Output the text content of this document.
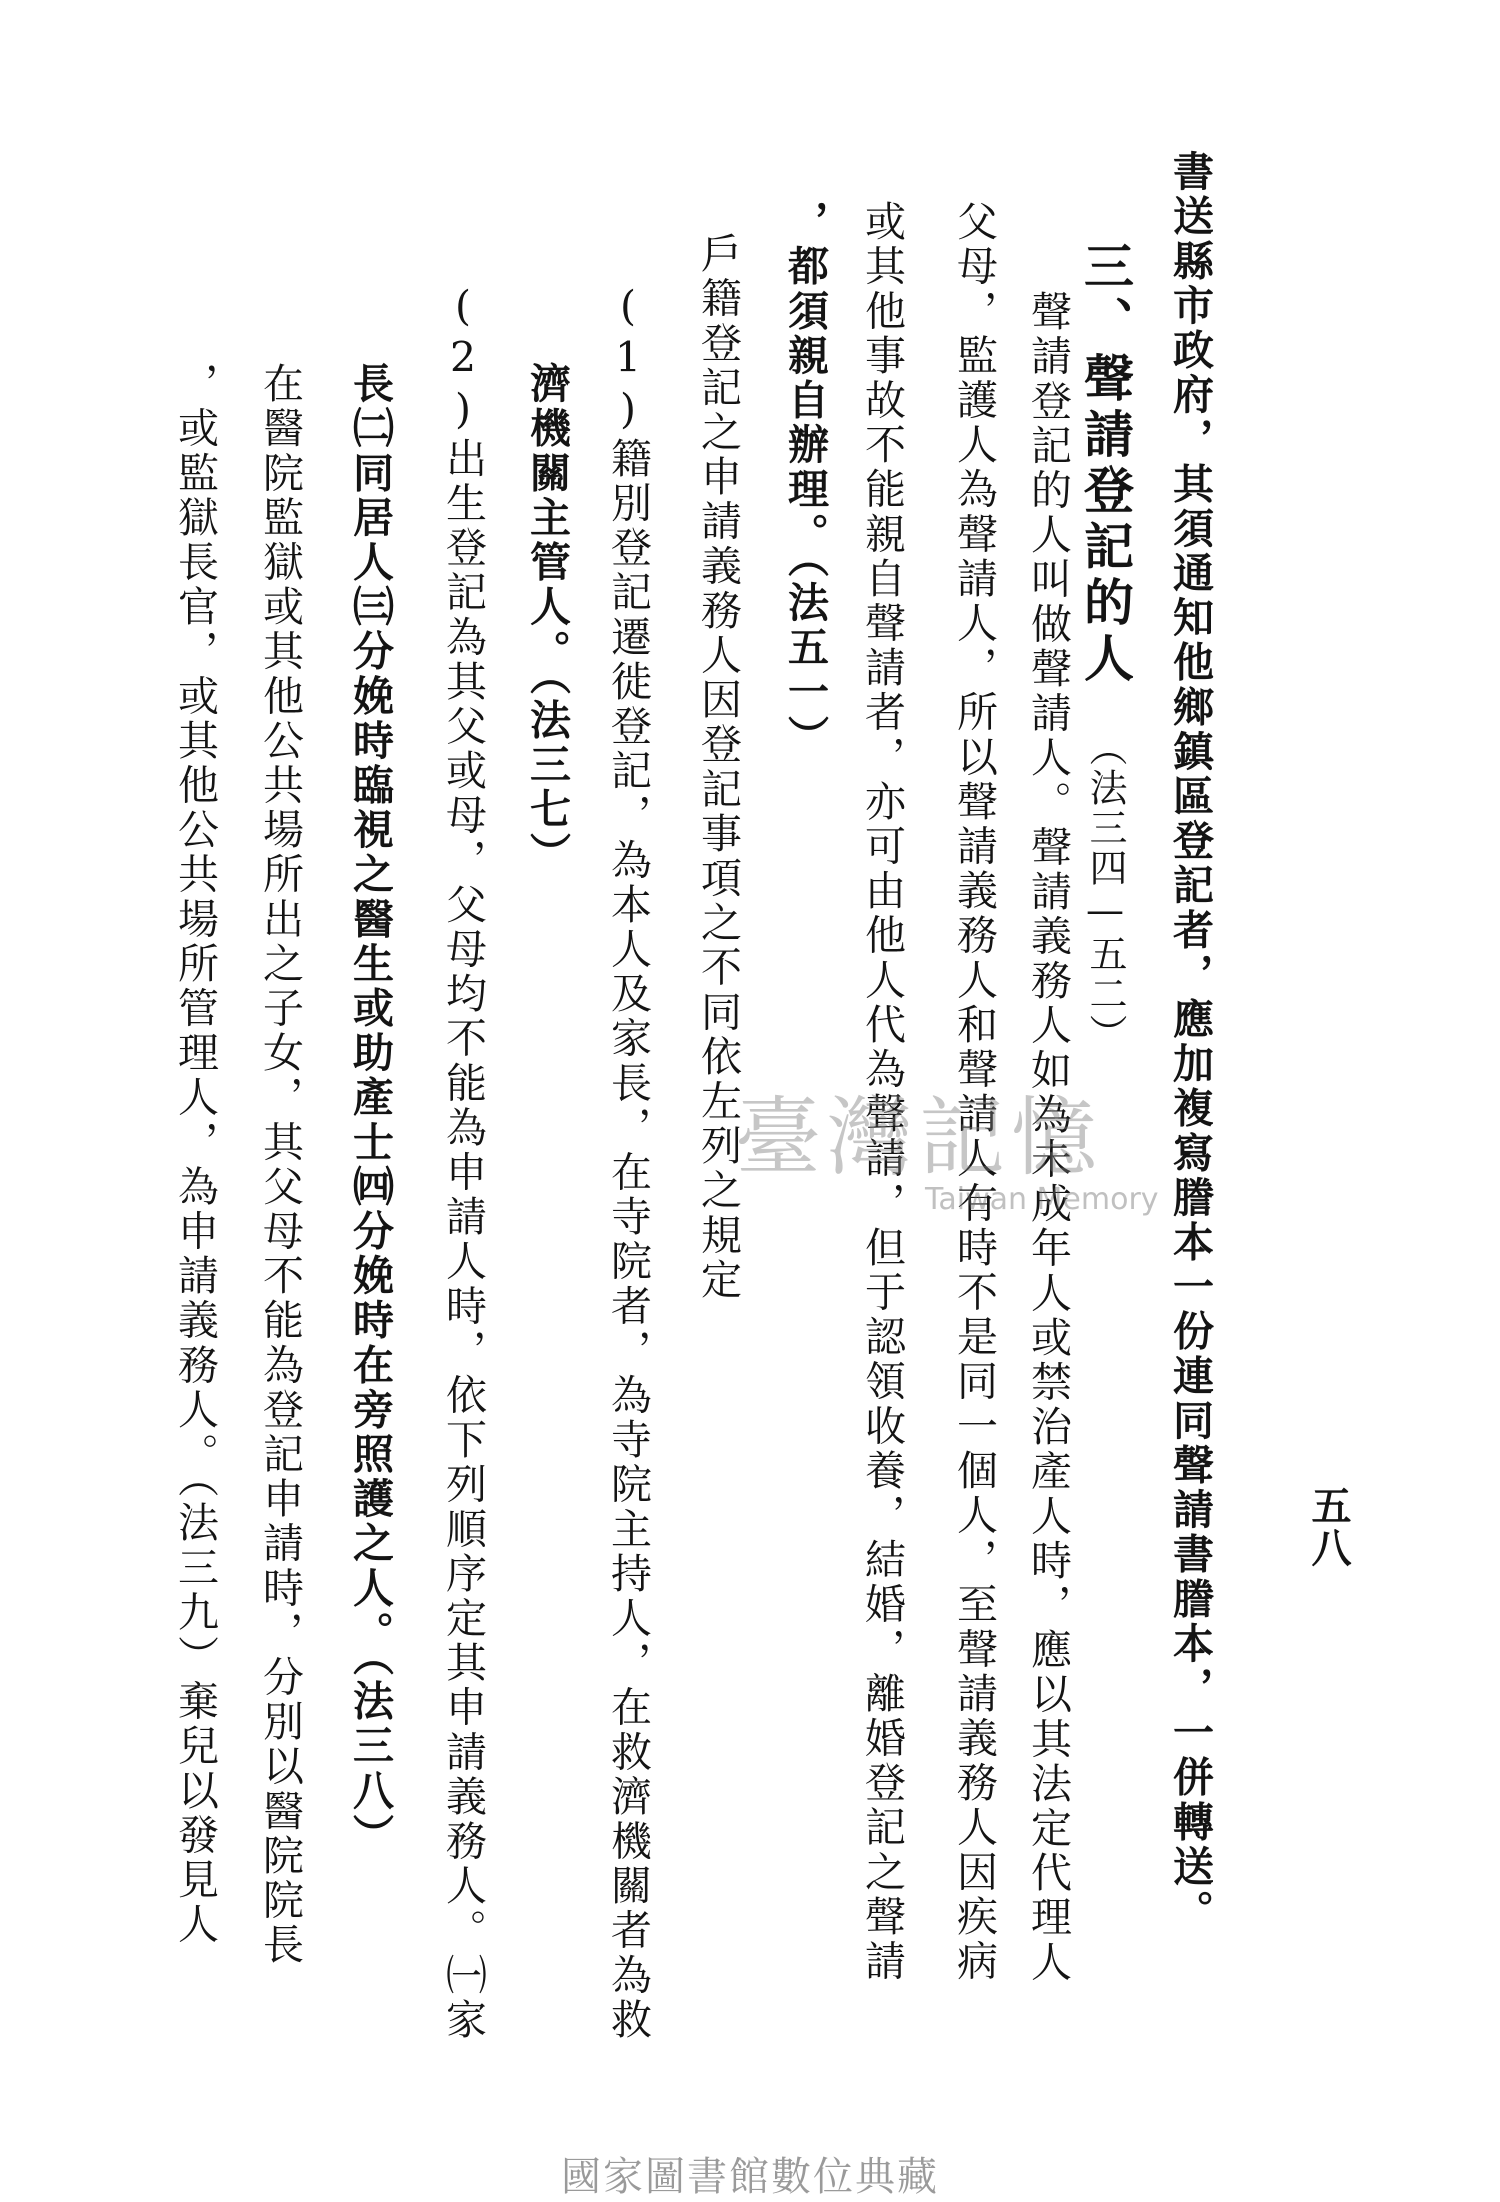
五八
書送縣市政府，其須通知他鄉鎮區登記者，應加複寫謄本一份連同聲請書謄本，一併轉送。
三、聲請登記的人（法三四—五二）
聲請登記的人叫做聲請人。聲請義務人如為未成年人或禁治產人時，應以其法定代理人
父母，監護人為聲請人，所以聲請義務人和聲請人有時不是同一個人，至聲請義務人因疾病
或其他事故不能親自聲請者，亦可由他人代為聲請，但于認領收養，結婚，離婚登記之聲請
，都須親自辦理。（法五一）
戶籍登記之申請義務人因登記事項之不同依左列之規定
(1)籍別登記遷徙登記，為本人及家長，在寺院者，為寺院主持人，在救濟機關者為救
濟機關主管人。（法三七）
(2)出生登記為其父或母，父母均不能為申請人時，依下列順序定其申請義務人。㈠家
長㈡同居人㈢分娩時臨視之醫生或助產士㈣分娩時在旁照護之人。（法三八）
在醫院監獄或其他公共場所出之子女，其父母不能為登記申請時，分別以醫院院長
，或監獄長官，或其他公共場所管理人，為申請義務人。（法三九）棄兒以發見人	臺灣記憶
Taiwan Memory
國家圖書館數位典藏
